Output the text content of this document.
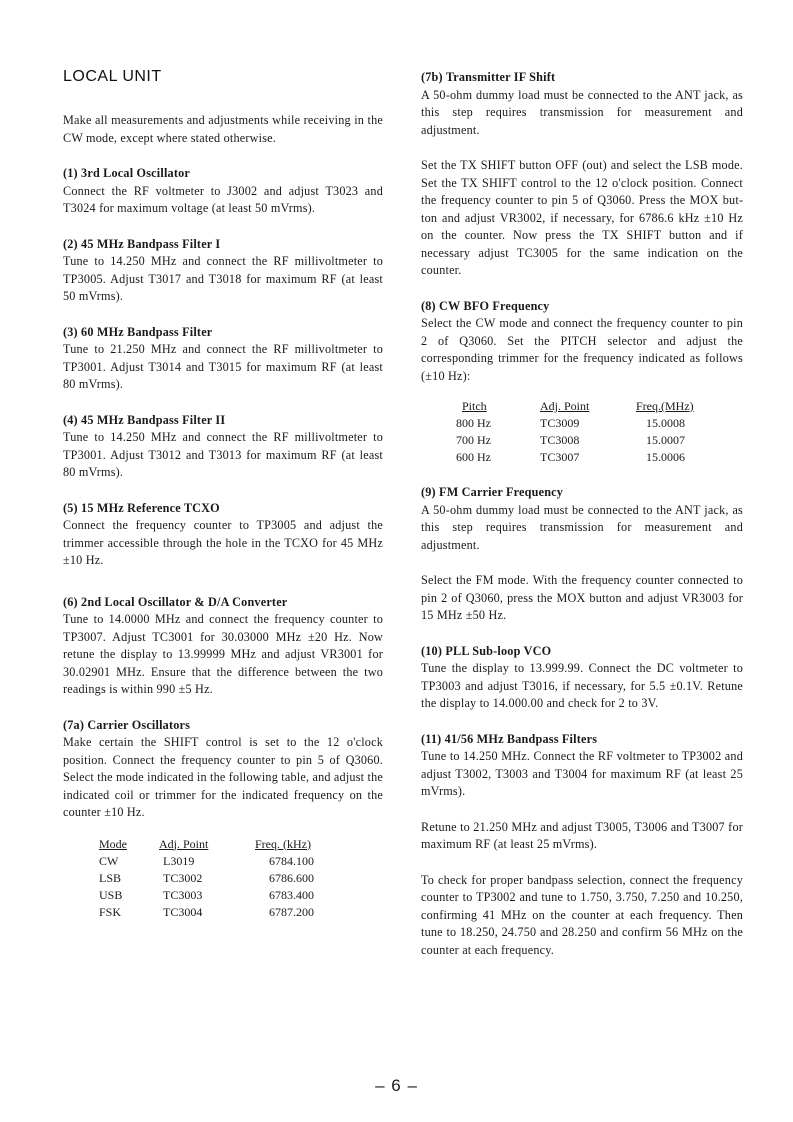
LOCAL UNIT

Make all measurements and adjustments while receiving in the CW mode, except where stated otherwise.

(1) 3rd Local Oscillator

Connect the RF voltmeter to J3002 and adjust T3023 and T3024 for maximum voltage (at least 50 mVrms).

(2) 45 MHz Bandpass Filter I

Tune to 14.250 MHz and connect the RF millivoltmeter to TP3005. Adjust T3017 and T3018 for maximum RF (at least 50 mVrms).

(3) 60 MHz Bandpass Filter

Tune to 21.250 MHz and connect the RF millivoltmeter to TP3001. Adjust T3014 and T3015 for maximum RF (at least 80 mVrms).

(4) 45 MHz Bandpass Filter II

Tune to 14.250 MHz and connect the RF millivoltmeter to TP3001. Adjust T3012 and T3013 for maximum RF (at least 80 mVrms).

(5) 15 MHz Reference TCXO

Connect the frequency counter to TP3005 and adjust the trimmer accessible through the hole in the TCXO for 45 MHz ±10 Hz.

(6) 2nd Local Oscillator & D/A Converter

Tune to 14.0000 MHz and connect the frequency counter to TP3007. Adjust TC3001 for 30.03000 MHz ±20 Hz. Now retune the display to 13.99999 MHz and adjust VR3001 for 30.02901 MHz. Ensure that the difference between the two readings is within 990 ±5 Hz.

(7a) Carrier Oscillators

Make certain the SHIFT control is set to the 12 o'clock position. Connect the frequency counter to pin 5 of Q3060. Select the mode indicated in the following table, and adjust the indicated coil or trimmer for the indicated frequency on the counter ±10 Hz.

Mode	Adj. Point	Freq. (kHz)
CW	L3019	6784.100
LSB	TC3002	6786.600
USB	TC3003	6783.400
FSK	TC3004	6787.200

(7b) Transmitter IF Shift

A 50-ohm dummy load must be connected to the ANT jack, as this step requires transmission for measurement and adjustment.

Set the TX SHIFT button OFF (out) and select the LSB mode. Set the TX SHIFT control to the 12 o'clock position. Connect the frequency counter to pin 5 of Q3060. Press the MOX button and adjust VR3002, if necessary, for 6786.6 kHz ±10 Hz on the counter. Now press the TX SHIFT button and if necessary adjust TC3005 for the same indication on the counter.

(8) CW BFO Frequency

Select the CW mode and connect the frequency counter to pin 2 of Q3060. Set the PITCH selector and adjust the corresponding trimmer for the frequency indicated as follows (±10 Hz):

Pitch	Adj. Point	Freq.(MHz)
800 Hz	TC3009	15.0008
700 Hz	TC3008	15.0007
600 Hz	TC3007	15.0006

(9) FM Carrier Frequency

A 50-ohm dummy load must be connected to the ANT jack, as this step requires transmission for measurement and adjustment.

Select the FM mode. With the frequency counter connected to pin 2 of Q3060, press the MOX button and adjust VR3003 for 15 MHz ±50 Hz.

(10) PLL Sub-loop VCO

Tune the display to 13.999.99. Connect the DC voltmeter to TP3003 and adjust T3016, if necessary, for 5.5 ±0.1V. Retune the display to 14.000.00 and check for 2 to 3V.

(11) 41/56 MHz Bandpass Filters

Tune to 14.250 MHz. Connect the RF voltmeter to TP3002 and adjust T3002, T3003 and T3004 for maximum RF (at least 25 mVrms).

Retune to 21.250 MHz and adjust T3005, T3006 and T3007 for maximum RF (at least 25 mVrms).

To check for proper bandpass selection, connect the frequency counter to TP3002 and tune to 1.750, 3.750, 7.250 and 10.250, confirming 41 MHz on the counter at each frequency. Then tune to 18.250, 24.750 and 28.250 and confirm 56 MHz on the counter at each frequency.

– 6 –
